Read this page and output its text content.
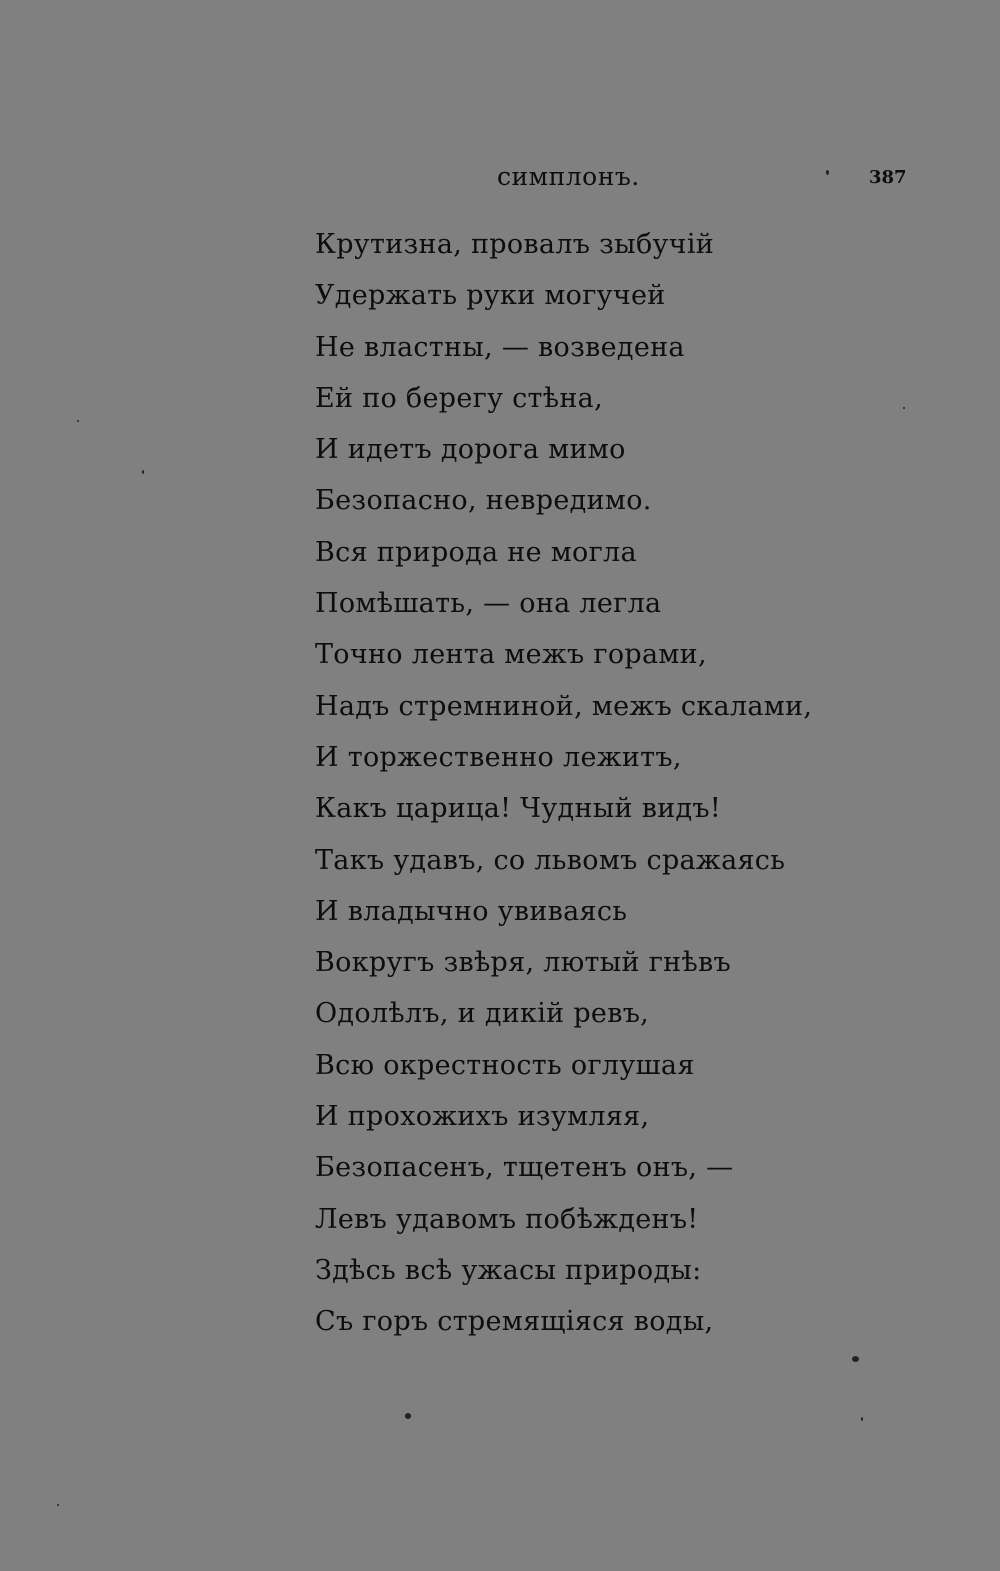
симплонъ.	387
Крутизна, провалъ зыбучій
Удержать руки могучей
Не властны, — возведена
Ей по берегу стѣна,
И идетъ дорога мимо
Безопасно, невредимо.
Вся природа не могла
Помѣшать, — она легла
Точно лента межъ горами,
Надъ стремниной, межъ скалами,
И торжественно лежитъ,
Какъ царица! Чудный видъ!
Такъ удавъ, со львомъ сражаясь
И владычно увиваясь
Вокругъ звѣря, лютый гнѣвъ
Одолѣлъ, и дикій ревъ,
Всю окрестность оглушая
И прохожихъ изумляя,
Безопасенъ, тщетенъ онъ, —
Левъ удавомъ побѣжденъ!
Здѣсь всѣ ужасы природы:
Съ горъ стремящіяся воды,
